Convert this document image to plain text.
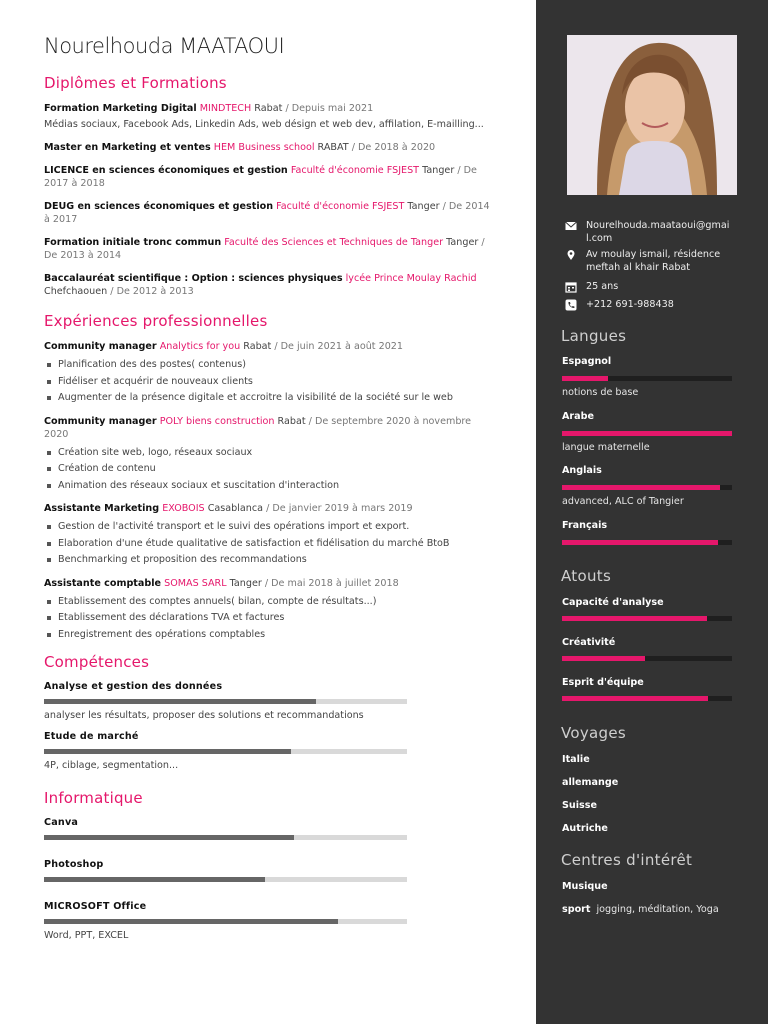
Nourelhouda MAATAOUI
Diplômes et Formations
Formation Marketing Digital MINDTECH Rabat / Depuis mai 2021
Médias sociaux, Facebook Ads, Linkedin Ads, web désign et web dev, affilation, E-mailling...
Master en Marketing et ventes HEM Business school RABAT / De 2018 à 2020
LICENCE en sciences économiques et gestion Faculté d'économie FSJEST Tanger / De 2017 à 2018
DEUG en sciences économiques et gestion Faculté d'économie FSJEST Tanger / De 2014 à 2017
Formation initiale tronc commun Faculté des Sciences et Techniques de Tanger Tanger / De 2013 à 2014
Baccalauréat scientifique : Option : sciences physiques lycée Prince Moulay Rachid Chefchaouen / De 2012 à 2013
Expériences professionnelles
Community manager Analytics for you Rabat / De juin 2021 à août 2021
Planification des des postes( contenus)
Fidéliser et acquérir de nouveaux clients
Augmenter de la présence digitale et accroitre la visibilité de la société sur le web
Community manager POLY biens construction Rabat / De septembre 2020 à novembre 2020
Création site web, logo, réseaux sociaux
Création de contenu
Animation des réseaux sociaux et suscitation d'interaction
Assistante Marketing EXOBOIS Casablanca / De janvier 2019 à mars 2019
Gestion de l'activité transport et le suivi des opérations import et export.
Elaboration d'une étude qualitative de satisfaction et fidélisation du marché BtoB
Benchmarking et proposition des recommandations
Assistante comptable SOMAS SARL Tanger / De mai 2018 à juillet 2018
Etablissement des comptes annuels( bilan, compte de résultats...)
Etablissement des déclarations TVA et factures
Enregistrement des opérations comptables
Compétences
Analyse et gestion des données
analyser les résultats, proposer des solutions et recommandations
Etude de marché
4P, ciblage, segmentation...
Informatique
Canva
Photoshop
MICROSOFT Office
Word, PPT, EXCEL
Nourelhouda.maataoui@gmail.com
Av moulay ismail, résidence meftah al khair Rabat
25 ans
+212 691-988438
Langues
Espagnol
notions de base
Arabe
langue maternelle
Anglais
advanced, ALC of Tangier
Français
Atouts
Capacité d'analyse
Créativité
Esprit d'équipe
Voyages
Italie
allemange
Suisse
Autriche
Centres d'intérêt
Musique
sport jogging, méditation, Yoga
